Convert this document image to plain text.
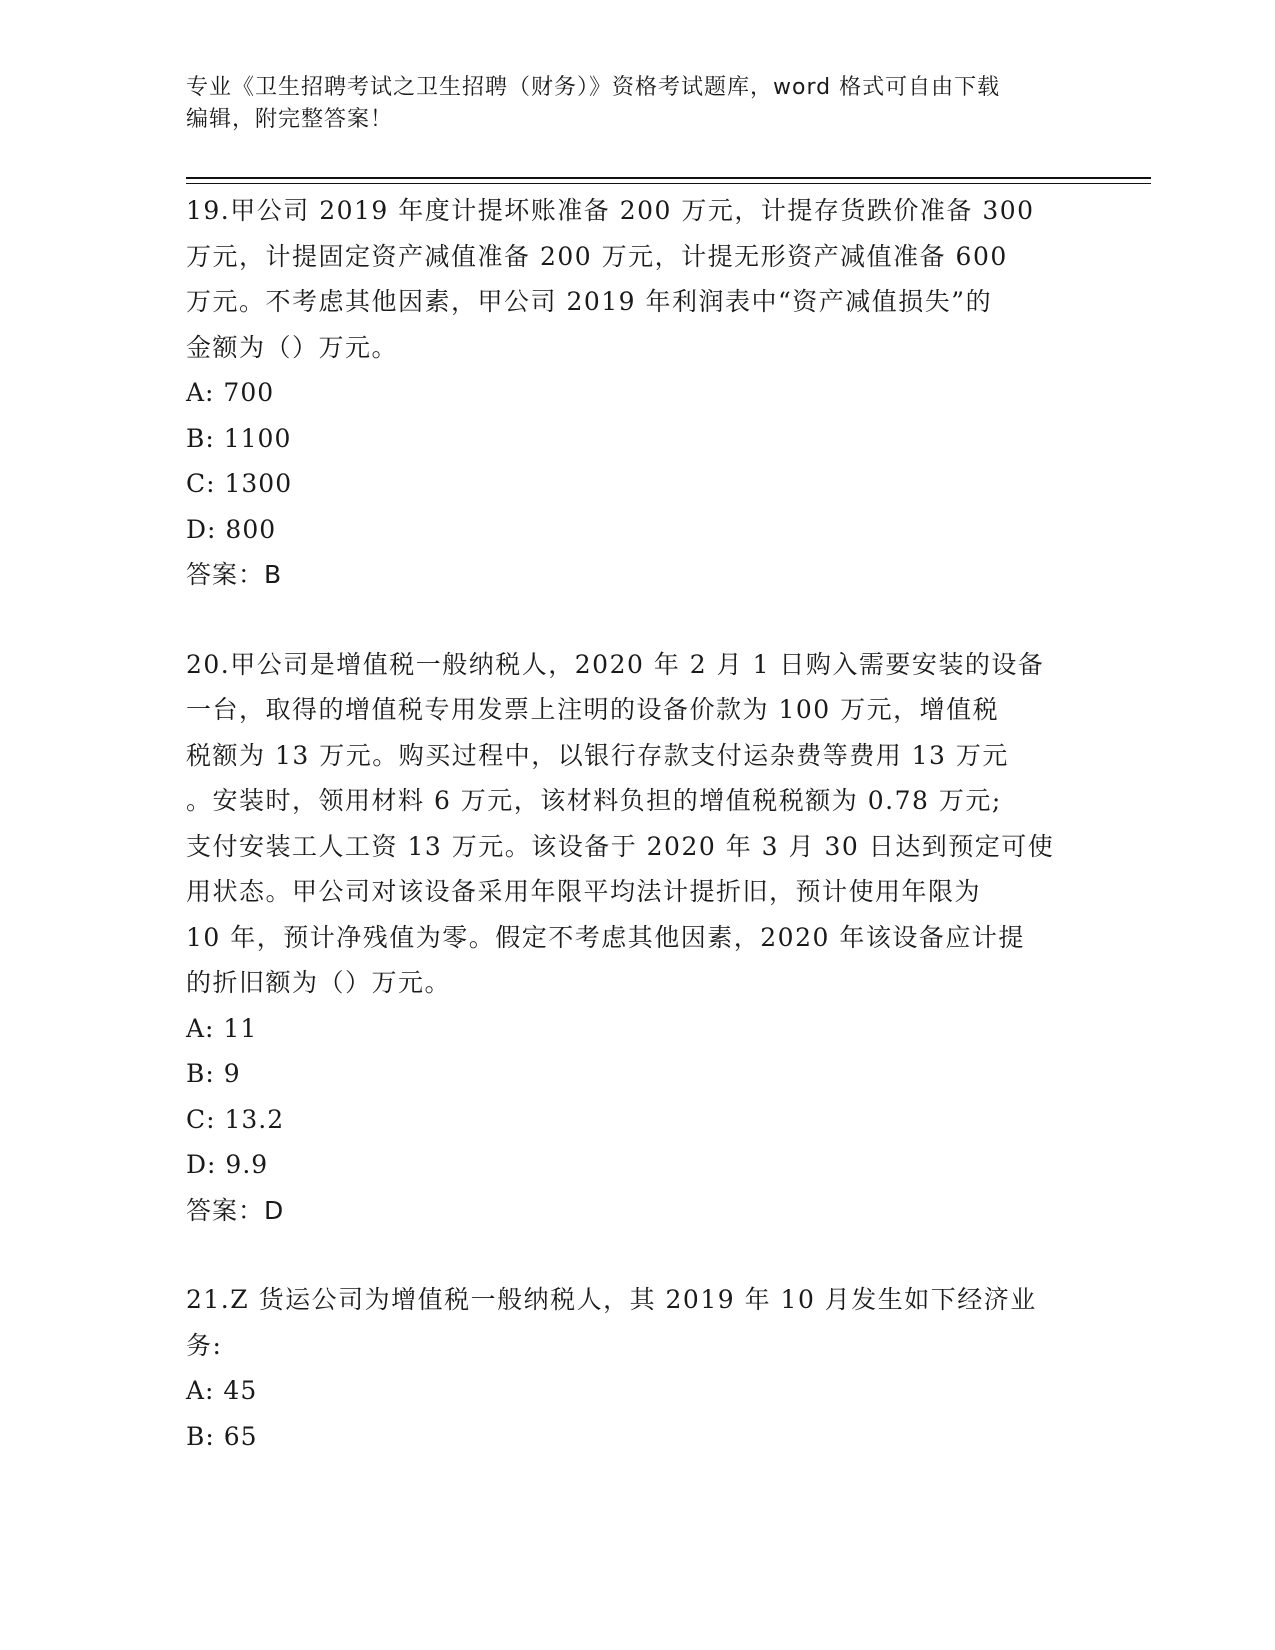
专业《卫生招聘考试之卫生招聘（财务）》资格考试题库，word 格式可自由下载
编辑，附完整答案！

19.甲公司 2019 年度计提坏账准备 200 万元，计提存货跌价准备 300

万元，计提固定资产减值准备 200 万元，计提无形资产减值准备 600

万元。不考虑其他因素，甲公司 2019 年利润表中“资产减值损失”的

金额为（）万元。

A: 700

B: 1100

C: 1300

D: 800

答案：B

20.甲公司是增值税一般纳税人，2020 年 2 月 1 日购入需要安装的设备

一台，取得的增值税专用发票上注明的设备价款为 100 万元，增值税

税额为 13 万元。购买过程中，以银行存款支付运杂费等费用 13 万元

。安装时，领用材料 6 万元，该材料负担的增值税税额为 0.78 万元;

支付安装工人工资 13 万元。该设备于 2020 年 3 月 30 日达到预定可使

用状态。甲公司对该设备采用年限平均法计提折旧，预计使用年限为

10 年，预计净残值为零。假定不考虑其他因素，2020 年该设备应计提

的折旧额为（）万元。

A: 11

B: 9

C: 13.2

D: 9.9

答案：D

21.Z 货运公司为增值税一般纳税人，其 2019 年 10 月发生如下经济业

务:

A: 45

B: 65
